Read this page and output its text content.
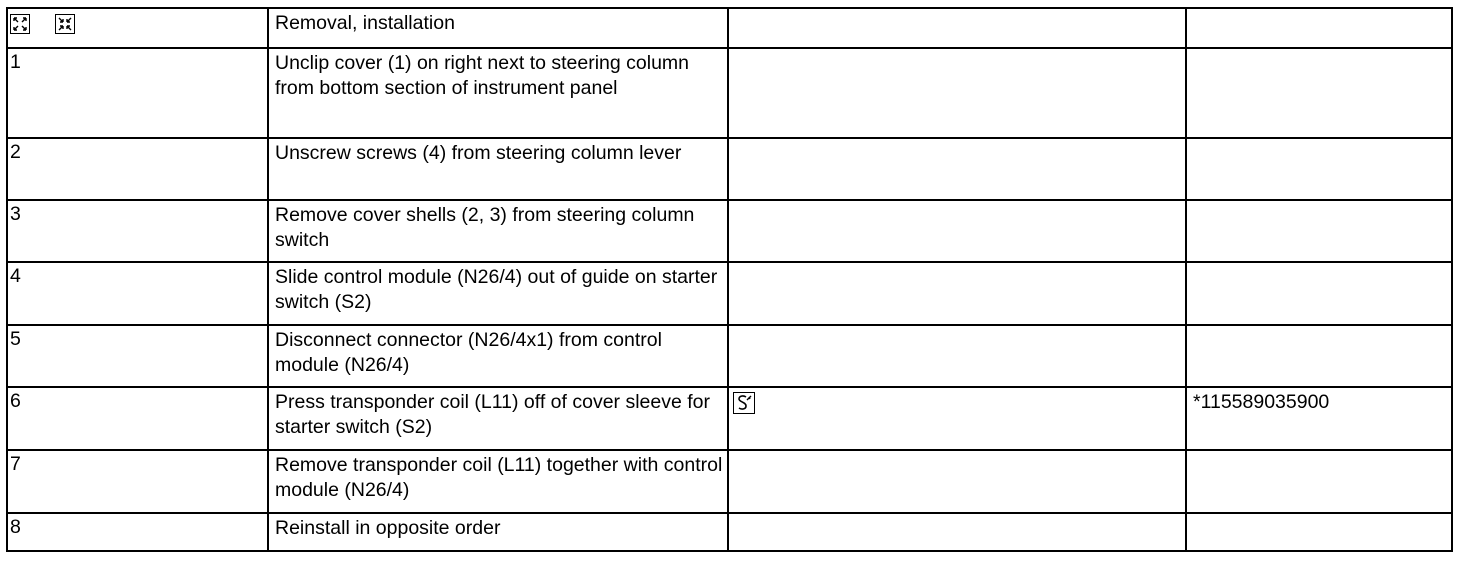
	Removal, installation		
1	Unclip cover (1) on right next to steering column from bottom section of instrument panel		
2	Unscrew screws (4) from steering column lever		
3	Remove cover shells (2, 3) from steering column switch		
4	Slide control module (N26/4) out of guide on starter switch (S2)		
5	Disconnect connector (N26/4x1) from control module (N26/4)		
6	Press transponder coil (L11) off of cover sleeve for starter switch (S2)		*115589035900
7	Remove transponder coil (L11) together with control module (N26/4)		
8	Reinstall in opposite order		
